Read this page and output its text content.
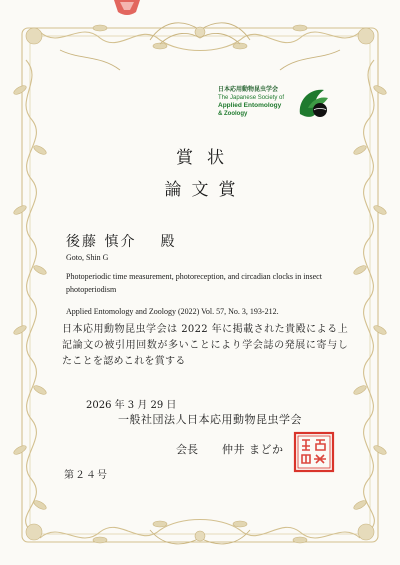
日本応用動物昆虫学会
The Japanese Society of
Applied Entomology
& Zoology
賞状
論文賞
後藤 慎介 殿
Goto, Shin G
Photoperiodic time measurement, photoreception, and circadian clocks in insect photoperiodism
Applied Entomology and Zoology (2022) Vol. 57, No. 3, 193-212.
日本応用動物昆虫学会は 2022 年に掲載された貴殿による上記論文の被引用回数が多いことにより学会誌の発展に寄与したことを認めこれを賞する
2026 年 3 月 29 日
一般社団法人日本応用動物昆虫学会
会長 仲井 まどか
第２４号
